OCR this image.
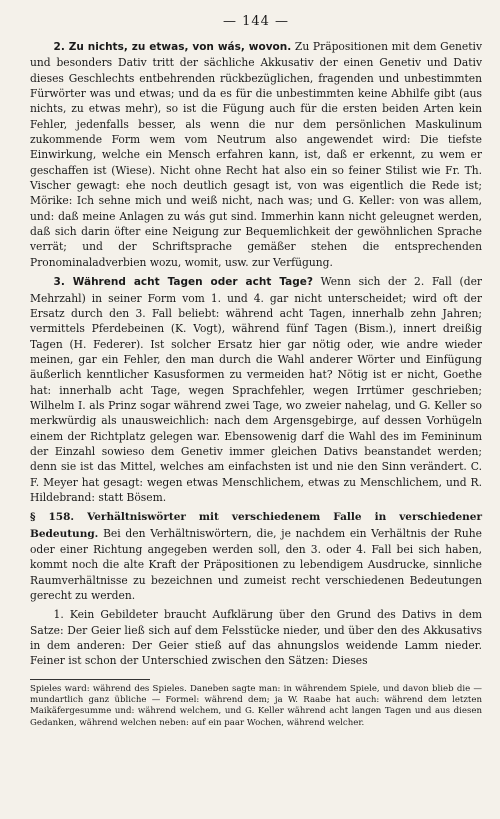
— 144 —

2. Zu nichts, zu etwas, von wás, wovon. Zu Präpositionen mit dem Genetiv und besonders Dativ tritt der sächliche Akkusativ der einen Genetiv und Dativ dieses Geschlechts entbehrenden rückbezüglichen, fragenden und unbestimmten Fürwörter was und etwas; und da es für die unbestimmten keine Abhilfe gibt (aus nichts, zu etwas mehr), so ist die Fügung auch für die ersten beiden Arten kein Fehler, jedenfalls besser, als wenn die nur dem persönlichen Maskulinum zukommende Form wem vom Neutrum also angewendet wird: Die tiefste Einwirkung, welche ein Mensch erfahren kann, ist, daß er erkennt, zu wem er geschaffen ist (Wiese). Nicht ohne Recht hat also ein so feiner Stilist wie Fr. Th. Vischer gewagt: ehe noch deutlich gesagt ist, von was eigentlich die Rede ist; Mörike: Ich sehne mich und weiß nicht, nach was; und G. Keller: von was allem, und: daß meine Anlagen zu wás gut sind. Immerhin kann nicht geleugnet werden, daß sich darin öfter eine Neigung zur Bequemlichkeit der gewöhnlichen Sprache verrät; und der Schriftsprache gemäßer stehen die entsprechenden Pronominaladverbien wozu, womit, usw. zur Verfügung.

3. Während acht Tagen oder acht Tage? Wenn sich der 2. Fall (der Mehrzahl) in seiner Form vom 1. und 4. gar nicht unterscheidet; wird oft der Ersatz durch den 3. Fall beliebt: während acht Tagen, innerhalb zehn Jahren; vermittels Pferdebeinen (K. Vogt), während fünf Tagen (Bism.), innert dreißig Tagen (H. Federer). Ist solcher Ersatz hier gar nötig oder, wie andre wieder meinen, gar ein Fehler, den man durch die Wahl anderer Wörter und Einfügung äußerlich kenntlicher Kasusformen zu vermeiden hat? Nötig ist er nicht, Goethe hat: innerhalb acht Tage, wegen Sprachfehler, wegen Irrtümer geschrieben; Wilhelm I. als Prinz sogar während zwei Tage, wo zweier nahelag, und G. Keller so merkwürdig als unausweichlich: nach dem Argensgebirge, auf dessen Vorhügeln einem der Richtplatz gelegen war. Ebensowenig darf die Wahl des im Femininum der Einzahl sowieso dem Genetiv immer gleichen Dativs beanstandet werden; denn sie ist das Mittel, welches am einfachsten ist und nie den Sinn verändert. C. F. Meyer hat gesagt: wegen etwas Menschlichem, etwas zu Menschlichem, und R. Hildebrand: statt Bösem.

§ 158. Verhältniswörter mit verschiedenem Falle in verschiedener Bedeutung. Bei den Verhältniswörtern, die, je nachdem ein Verhältnis der Ruhe oder einer Richtung angegeben werden soll, den 3. oder 4. Fall bei sich haben, kommt noch die alte Kraft der Präpositionen zu lebendigem Ausdrucke, sinnliche Raumverhältnisse zu bezeichnen und zumeist recht verschiedenen Bedeutungen gerecht zu werden.

1. Kein Gebildeter braucht Aufklärung über den Grund des Dativs in dem Satze: Der Geier ließ sich auf dem Felsstücke nieder, und über den des Akkusativs in dem anderen: Der Geier stieß auf das ahnungslos weidende Lamm nieder. Feiner ist schon der Unterschied zwischen den Sätzen: Dieses

Spieles ward: während des Spieles. Daneben sagte man: in währendem Spiele, und davon blieb die — mundartlich ganz übliche — Formel: während dem; ja W. Raabe hat auch: während dem letzten Maikäfergesumme und: während welchem, und G. Keller während acht langen Tagen und aus diesen Gedanken, während welchen neben: auf ein paar Wochen, während welcher.
